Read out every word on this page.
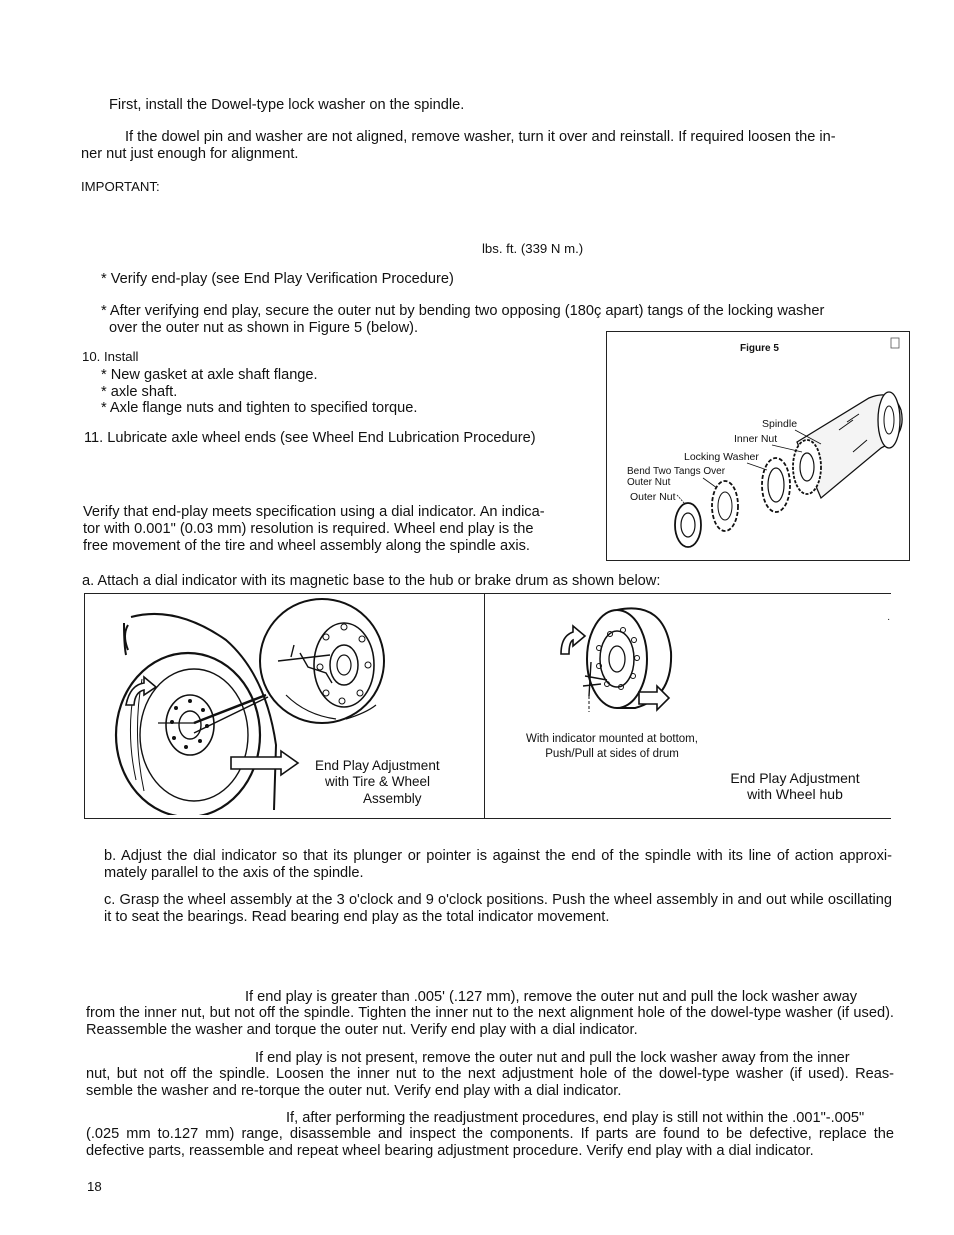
First, install the Dowel-type lock washer on the spindle.
If the dowel pin and washer are not aligned, remove washer, turn it over and reinstall. If required loosen the in-
ner nut just enough for alignment.
IMPORTANT:
lbs. ft. (339 N m.)
* Verify end-play (see End Play Verification Procedure)
* After verifying end play, secure the outer nut by bending two opposing (180ç apart) tangs of the locking washer
over the outer nut as shown in Figure 5 (below).
10. Install
* New gasket at axle shaft flange.
* axle shaft.
* Axle flange nuts and tighten to specified torque.
11. Lubricate axle wheel ends (see Wheel End Lubrication Procedure)
Verify that end-play meets specification using a dial indicator. An indica-
tor with 0.001" (0.03 mm) resolution is required. Wheel end play is the
free movement of the tire and wheel assembly along the spindle axis.
Figure 5
Spindle
Inner Nut
Locking Washer
Bend Two Tangs Over
Outer Nut
Outer Nut
a. Attach a dial indicator with its magnetic base to the hub or brake drum as shown below:
End Play Adjustment
with Tire & Wheel
Assembly
·
With indicator mounted at bottom,
Push/Pull at sides of drum
End Play Adjustment
with Wheel hub
b. Adjust the dial indicator so that its plunger or pointer is against the end of the spindle with its line of action approxi- mately parallel to the axis of the spindle.
c. Grasp the wheel assembly at the 3 o'clock and 9 o'clock positions. Push the wheel assembly in and out while oscillating it to seat the bearings. Read bearing end play as the total indicator movement.
If end play is greater than .005' (.127 mm), remove the outer nut and pull the lock washer away
from the inner nut, but not off the spindle. Tighten the inner nut to the next alignment hole of the dowel-type washer (if used). Reassemble the washer and torque the outer nut. Verify end play with a dial indicator.
If end play is not present, remove the outer nut and pull the lock washer away from the inner
nut, but not off the spindle. Loosen the inner nut to the next adjustment hole of the dowel-type washer (if used). Reas- semble the washer and re-torque the outer nut. Verify end play with a dial indicator.
If, after performing the readjustment procedures, end play is still not within the .001"-.005"
(.025 mm to.127 mm) range, disassemble and inspect the components. If parts are found to be defective, replace the defective parts, reassemble and repeat wheel bearing adjustment procedure. Verify end play with a dial indicator.
18
